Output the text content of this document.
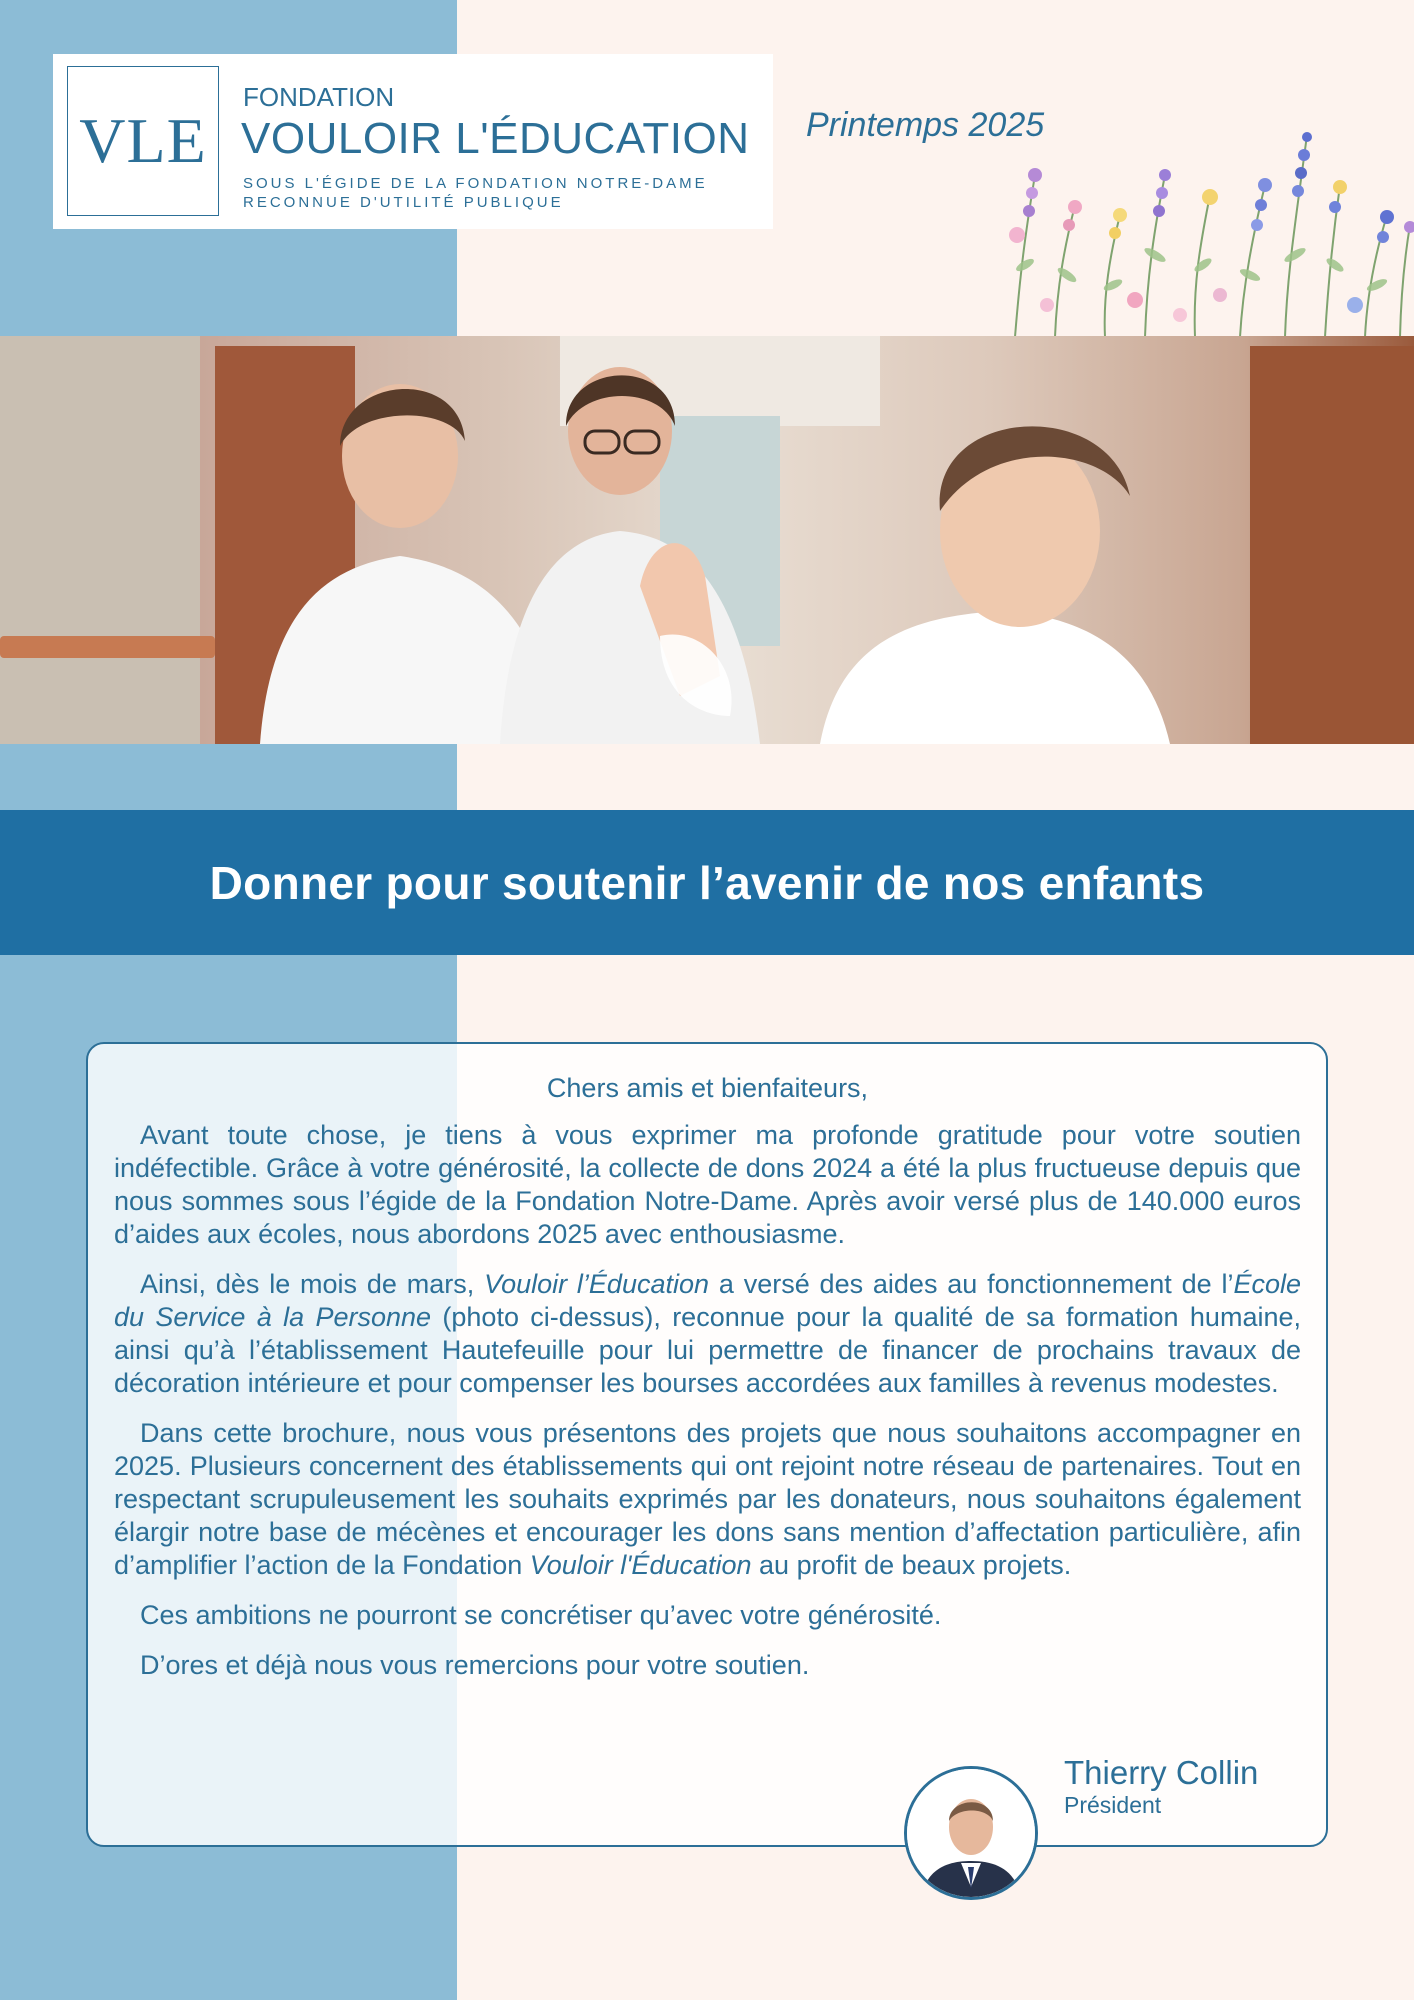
VLE
FONDATION
VOULOIR L'ÉDUCATION
SOUS L'ÉGIDE DE LA FONDATION NOTRE-DAME
RECONNUE D'UTILITÉ PUBLIQUE
Printemps 2025
Donner pour soutenir l’avenir de nos enfants

Chers amis et bienfaiteurs,

Avant toute chose, je tiens à vous exprimer ma profonde gratitude pour votre soutien indéfectible. Grâce à votre générosité, la collecte de dons 2024 a été la plus fructueuse depuis que nous sommes sous l’égide de la Fondation Notre-Dame. Après avoir versé plus de 140.000 euros d’aides aux écoles, nous abordons 2025 avec enthousiasme.

Ainsi, dès le mois de mars, Vouloir l’Éducation a versé des aides au fonctionnement de l’École du Service à la Personne (photo ci-dessus), reconnue pour la qualité de sa formation humaine, ainsi qu’à l’établissement Hautefeuille pour lui permettre de financer de prochains travaux de décoration intérieure et pour compenser les bourses accordées aux familles à revenus modestes.

Dans cette brochure, nous vous présentons des projets que nous souhaitons accompagner en 2025. Plusieurs concernent des établissements qui ont rejoint notre réseau de partenaires. Tout en respectant scrupuleusement les souhaits exprimés par les donateurs, nous souhaitons également élargir notre base de mécènes et encourager les dons sans mention d’affectation particulière, afin d’amplifier l’action de la Fondation Vouloir l'Éducation au profit de beaux projets.

Ces ambitions ne pourront se concrétiser qu’avec votre générosité.

D’ores et déjà nous vous remercions pour votre soutien.

Thierry Collin
Président
